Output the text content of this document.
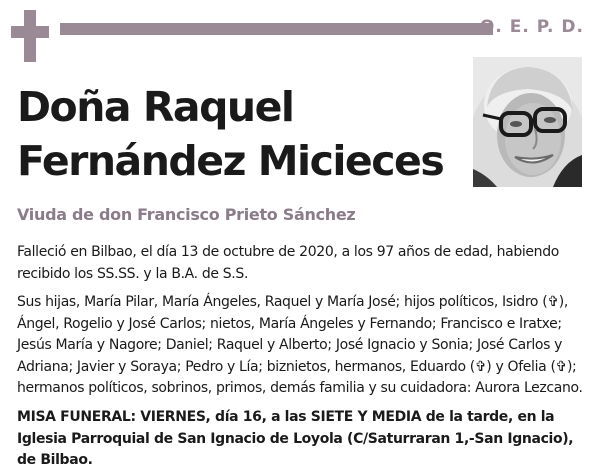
Q. E. P. D.
Doña Raquel
Fernández Micieces
Viuda de don Francisco Prieto Sánchez
Falleció en Bilbao, el día 13 de octubre de 2020, a los 97 años de edad, habiendo recibido los SS.SS. y la B.A. de S.S.
Sus hijas, María Pilar, María Ángeles, Raquel y María José; hijos políticos, Isidro (✞), Ángel, Rogelio y José Carlos; nietos, María Ángeles y Fernando; Francisco e Iratxe; Jesús María y Nagore; Daniel; Raquel y Alberto; José Ignacio y Sonia; José Carlos y Adriana; Javier y Soraya; Pedro y Lía; biznietos, hermanos, Eduardo (✞) y Ofelia (✞); hermanos políticos, sobrinos, primos, demás familia y su cuidadora: Aurora Lezcano.
MISA FUNERAL: VIERNES, día 16, a las SIETE Y MEDIA de la tarde, en la Iglesia Parroquial de San Ignacio de Loyola (C/Saturraran 1,-San Ignacio), de Bilbao.
